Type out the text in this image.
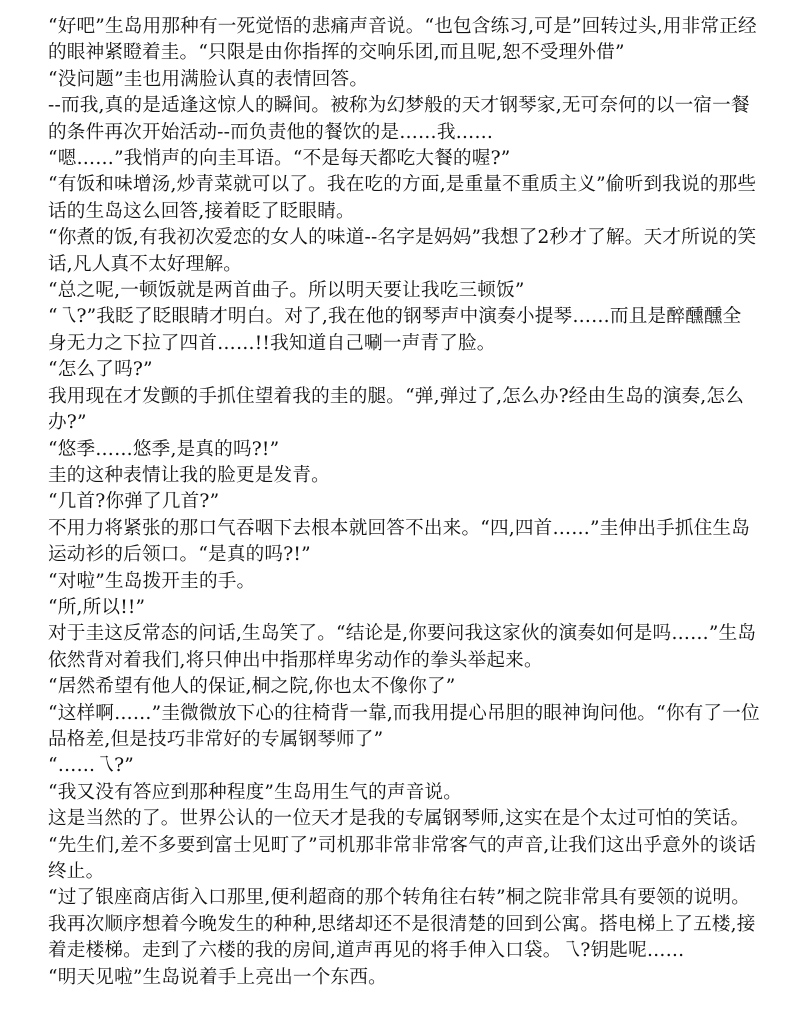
“好吧”生岛用那种有一死觉悟的悲痛声音说。“也包含练习,可是”回转过头,用非常正经的眼神紧瞪着圭。“只限是由你指挥的交响乐团,而且呢,恕不受理外借”

“没问题”圭也用满脸认真的表情回答。

--而我,真的是适逢这惊人的瞬间。被称为幻梦般的天才钢琴家,无可奈何的以一宿一餐的条件再次开始活动--而负责他的餐饮的是……我……

“嗯……”我悄声的向圭耳语。“不是每天都吃大餐的喔?”

“有饭和味增汤,炒青菜就可以了。我在吃的方面,是重量不重质主义”偷听到我说的那些话的生岛这么回答,接着眨了眨眼睛。

“你煮的饭,有我初次爱恋的女人的味道--名字是妈妈”我想了2秒才了解。天才所说的笑话,凡人真不太好理解。

“总之呢,一顿饭就是两首曲子。所以明天要让我吃三顿饭”

“乁?”我眨了眨眼睛才明白。对了,我在他的钢琴声中演奏小提琴……而且是醉醺醺全身无力之下拉了四首……!!我知道自己唰一声青了脸。

“怎么了吗?”

我用现在才发颤的手抓住望着我的圭的腿。“弹,弹过了,怎么办?经由生岛的演奏,怎么办?”

“悠季……悠季,是真的吗?!”

圭的这种表情让我的脸更是发青。

“几首?你弹了几首?”

不用力将紧张的那口气吞咽下去根本就回答不出来。“四,四首……”圭伸出手抓住生岛运动衫的后领口。“是真的吗?!”

“对啦”生岛拨开圭的手。

“所,所以!!”

对于圭这反常态的问话,生岛笑了。“结论是,你要问我这家伙的演奏如何是吗……”生岛依然背对着我们,将只伸出中指那样卑劣动作的拳头举起来。

“居然希望有他人的保证,桐之院,你也太不像你了”

“这样啊……”圭微微放下心的往椅背一靠,而我用提心吊胆的眼神询问他。“你有了一位品格差,但是技巧非常好的专属钢琴师了”

“……乁?”

“我又没有答应到那种程度”生岛用生气的声音说。

这是当然的了。世界公认的一位天才是我的专属钢琴师,这实在是个太过可怕的笑话。

“先生们,差不多要到富士见町了”司机那非常非常客气的声音,让我们这出乎意外的谈话终止。

“过了银座商店街入口那里,便利超商的那个转角往右转”桐之院非常具有要领的说明。我再次顺序想着今晚发生的种种,思绪却还不是很清楚的回到公寓。搭电梯上了五楼,接着走楼梯。走到了六楼的我的房间,道声再见的将手伸入口袋。乁?钥匙呢……

“明天见啦”生岛说着手上亮出一个东西。
